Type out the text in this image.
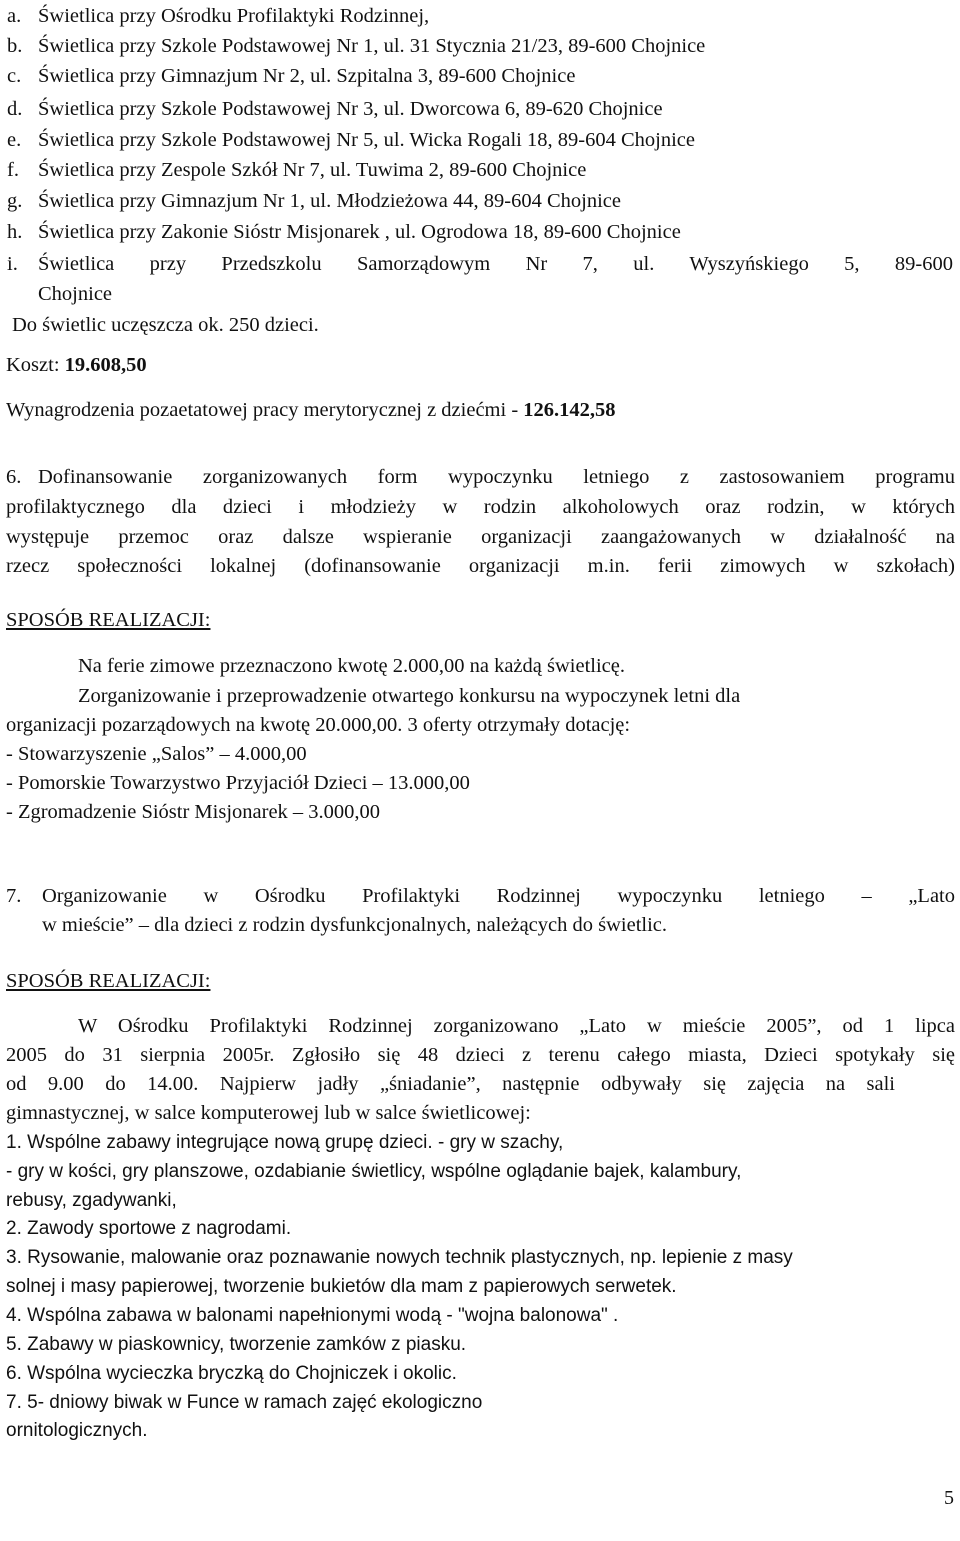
a. Świetlica przy Ośrodku Profilaktyki Rodzinnej,
b. Świetlica przy Szkole Podstawowej Nr 1, ul. 31 Stycznia 21/23, 89-600 Chojnice
c. Świetlica przy Gimnazjum Nr 2, ul. Szpitalna 3, 89-600 Chojnice
d. Świetlica przy Szkole Podstawowej Nr 3, ul. Dworcowa 6, 89-620 Chojnice
e. Świetlica przy Szkole Podstawowej Nr 5, ul. Wicka Rogali 18, 89-604 Chojnice
f. Świetlica przy Zespole Szkół Nr 7, ul. Tuwima 2, 89-600 Chojnice
g. Świetlica przy Gimnazjum Nr 1, ul. Młodzieżowa 44, 89-604 Chojnice
h. Świetlica przy Zakonie Sióstr Misjonarek , ul. Ogrodowa 18, 89-600 Chojnice
i. Świetlica przy Przedszkolu Samorządowym Nr 7, ul. Wyszyńskiego 5, 89-600
Chojnice
Do świetlic uczęszcza ok. 250 dzieci.
Koszt: 19.608,50
Wynagrodzenia pozaetatowej pracy merytorycznej z dziećmi - 126.142,58
6. Dofinansowanie zorganizowanych form wypoczynku letniego z zastosowaniem programu
profilaktycznego dla dzieci i młodzieży w rodzin alkoholowych oraz rodzin, w których
występuje przemoc oraz dalsze wspieranie organizacji zaangażowanych w działalność na
rzecz społeczności lokalnej (dofinansowanie organizacji m.in. ferii zimowych w szkołach)
SPOSÓB REALIZACJI:
Na ferie zimowe przeznaczono kwotę 2.000,00 na każdą świetlicę.
Zorganizowanie i przeprowadzenie otwartego konkursu na wypoczynek letni dla
organizacji pozarządowych na kwotę 20.000,00. 3 oferty otrzymały dotację:
- Stowarzyszenie „Salos” – 4.000,00
- Pomorskie Towarzystwo Przyjaciół Dzieci – 13.000,00
- Zgromadzenie Sióstr Misjonarek – 3.000,00
7. Organizowanie w Ośrodku Profilaktyki Rodzinnej wypoczynku letniego – „Lato
w mieście” – dla dzieci z rodzin dysfunkcjonalnych, należących do świetlic.
SPOSÓB REALIZACJI:
W Ośrodku Profilaktyki Rodzinnej zorganizowano „Lato w mieście 2005”, od 1 lipca
2005 do 31 sierpnia 2005r. Zgłosiło się 48 dzieci z terenu całego miasta, Dzieci spotykały się
od 9.00 do 14.00. Najpierw jadły „śniadanie”, następnie odbywały się zajęcia na sali
gimnastycznej, w salce komputerowej lub w salce świetlicowej:
1. Wspólne zabawy integrujące nową grupę dzieci. - gry w szachy,
- gry w kości, gry planszowe, ozdabianie świetlicy, wspólne oglądanie bajek, kalambury,
rebusy, zgadywanki,
2. Zawody sportowe z nagrodami.
3. Rysowanie, malowanie oraz poznawanie nowych technik plastycznych, np. lepienie z masy
solnej i masy papierowej, tworzenie bukietów dla mam z papierowych serwetek.
4. Wspólna zabawa w balonami napełnionymi wodą - "wojna balonowa" .
5. Zabawy w piaskownicy, tworzenie zamków z piasku.
6. Wspólna wycieczka bryczką do Chojniczek i okolic.
7. 5- dniowy biwak w Funce w ramach zajęć ekologiczno
ornitologicznych.
5
